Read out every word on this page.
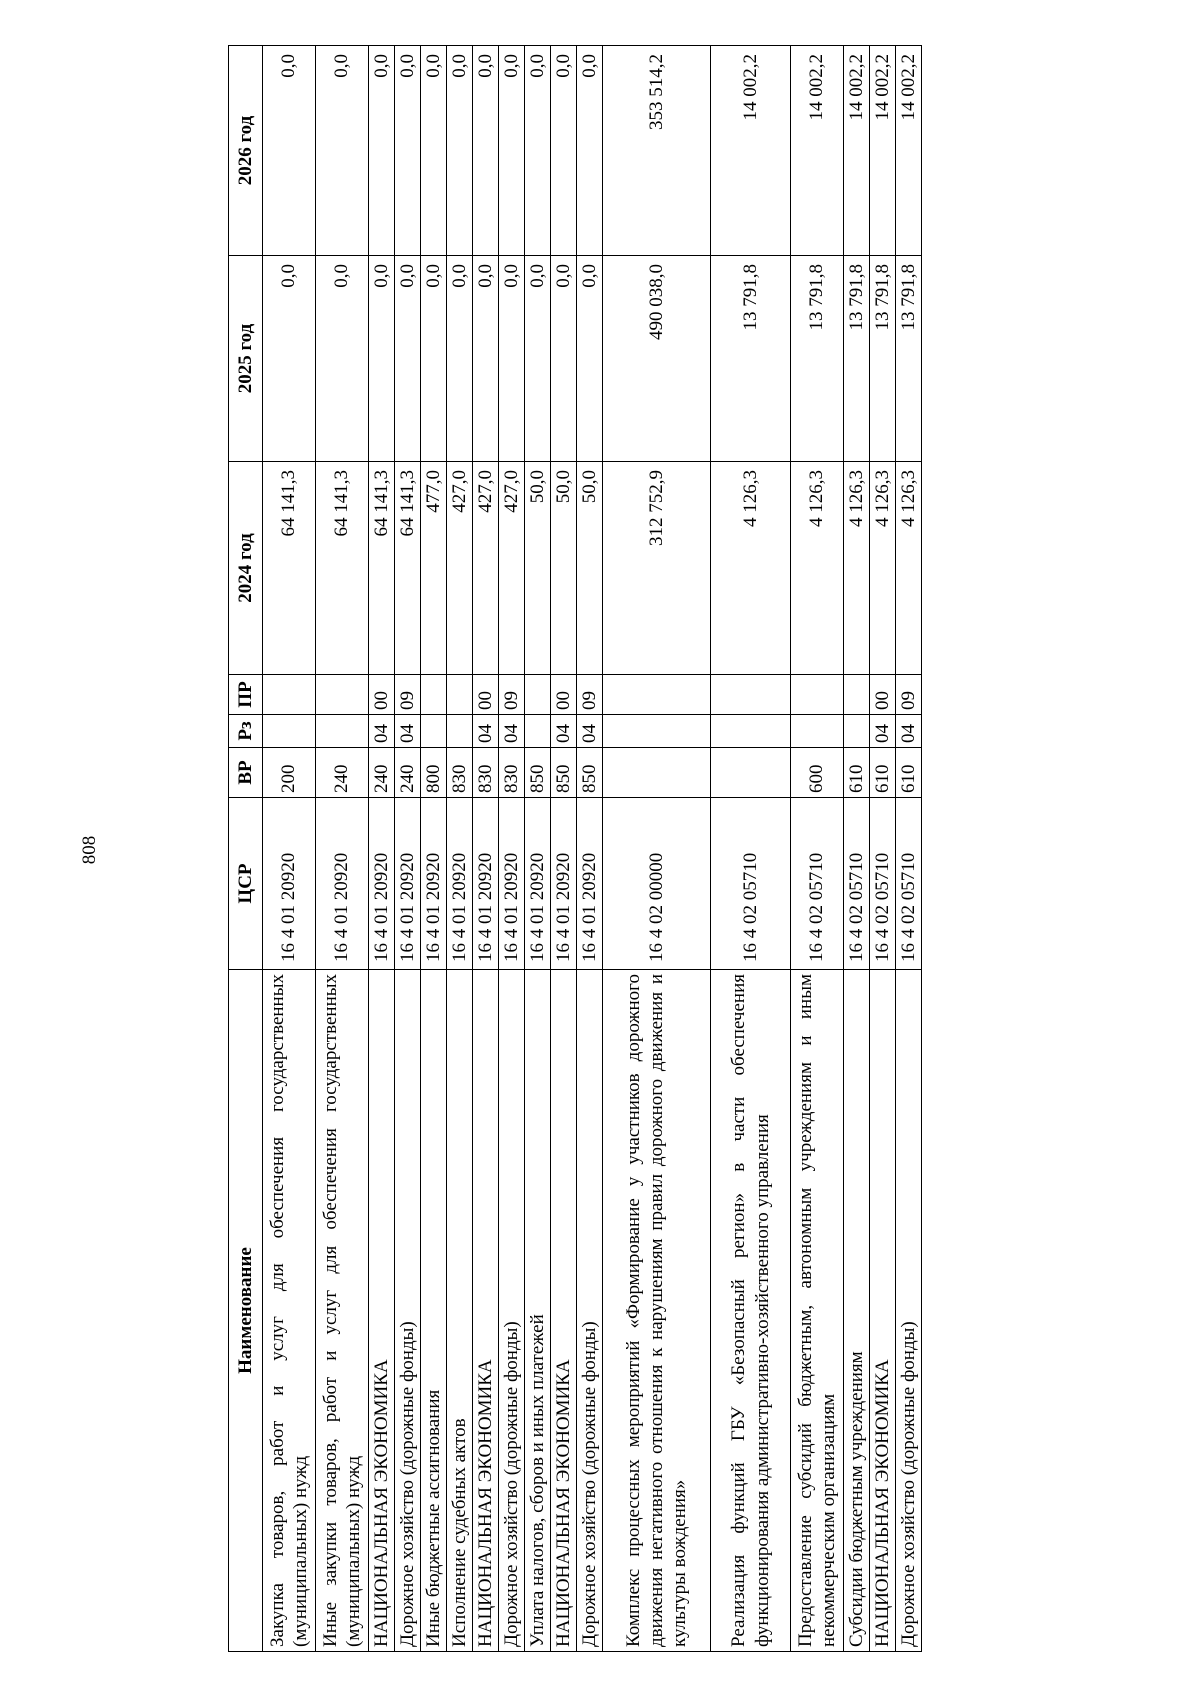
808
Наименование	ЦСР	ВР	Рз	ПР	2024 год	2025 год	2026 год
Закупка товаров, работ и услуг для обеспечения государственных (муниципальных) нужд	16 4 01 20920	200			64 141,3	0,0	0,0
Иные закупки товаров, работ и услуг для обеспечения государственных (муниципальных) нужд	16 4 01 20920	240			64 141,3	0,0	0,0
НАЦИОНАЛЬНАЯ ЭКОНОМИКА	16 4 01 20920	240	04	00	64 141,3	0,0	0,0
Дорожное хозяйство (дорожные фонды)	16 4 01 20920	240	04	09	64 141,3	0,0	0,0
Иные бюджетные ассигнования	16 4 01 20920	800			477,0	0,0	0,0
Исполнение судебных актов	16 4 01 20920	830			427,0	0,0	0,0
НАЦИОНАЛЬНАЯ ЭКОНОМИКА	16 4 01 20920	830	04	00	427,0	0,0	0,0
Дорожное хозяйство (дорожные фонды)	16 4 01 20920	830	04	09	427,0	0,0	0,0
Уплата налогов, сборов и иных платежей	16 4 01 20920	850			50,0	0,0	0,0
НАЦИОНАЛЬНАЯ ЭКОНОМИКА	16 4 01 20920	850	04	00	50,0	0,0	0,0
Дорожное хозяйство (дорожные фонды)	16 4 01 20920	850	04	09	50,0	0,0	0,0
Комплекс процессных мероприятий «Формирование у участников дорожного движения негативного отношения к нарушениям правил дорожного движения и культуры вождения»	16 4 02 00000				312 752,9	490 038,0	353 514,2
Реализация функций ГБУ «Безопасный регион» в части обеспечения функционирования административно-хозяйственного управления	16 4 02 05710				4 126,3	13 791,8	14 002,2
Предоставление субсидий бюджетным, автономным учреждениям и иным некоммерческим организациям	16 4 02 05710	600			4 126,3	13 791,8	14 002,2
Субсидии бюджетным учреждениям	16 4 02 05710	610			4 126,3	13 791,8	14 002,2
НАЦИОНАЛЬНАЯ ЭКОНОМИКА	16 4 02 05710	610	04	00	4 126,3	13 791,8	14 002,2
Дорожное хозяйство (дорожные фонды)	16 4 02 05710	610	04	09	4 126,3	13 791,8	14 002,2
